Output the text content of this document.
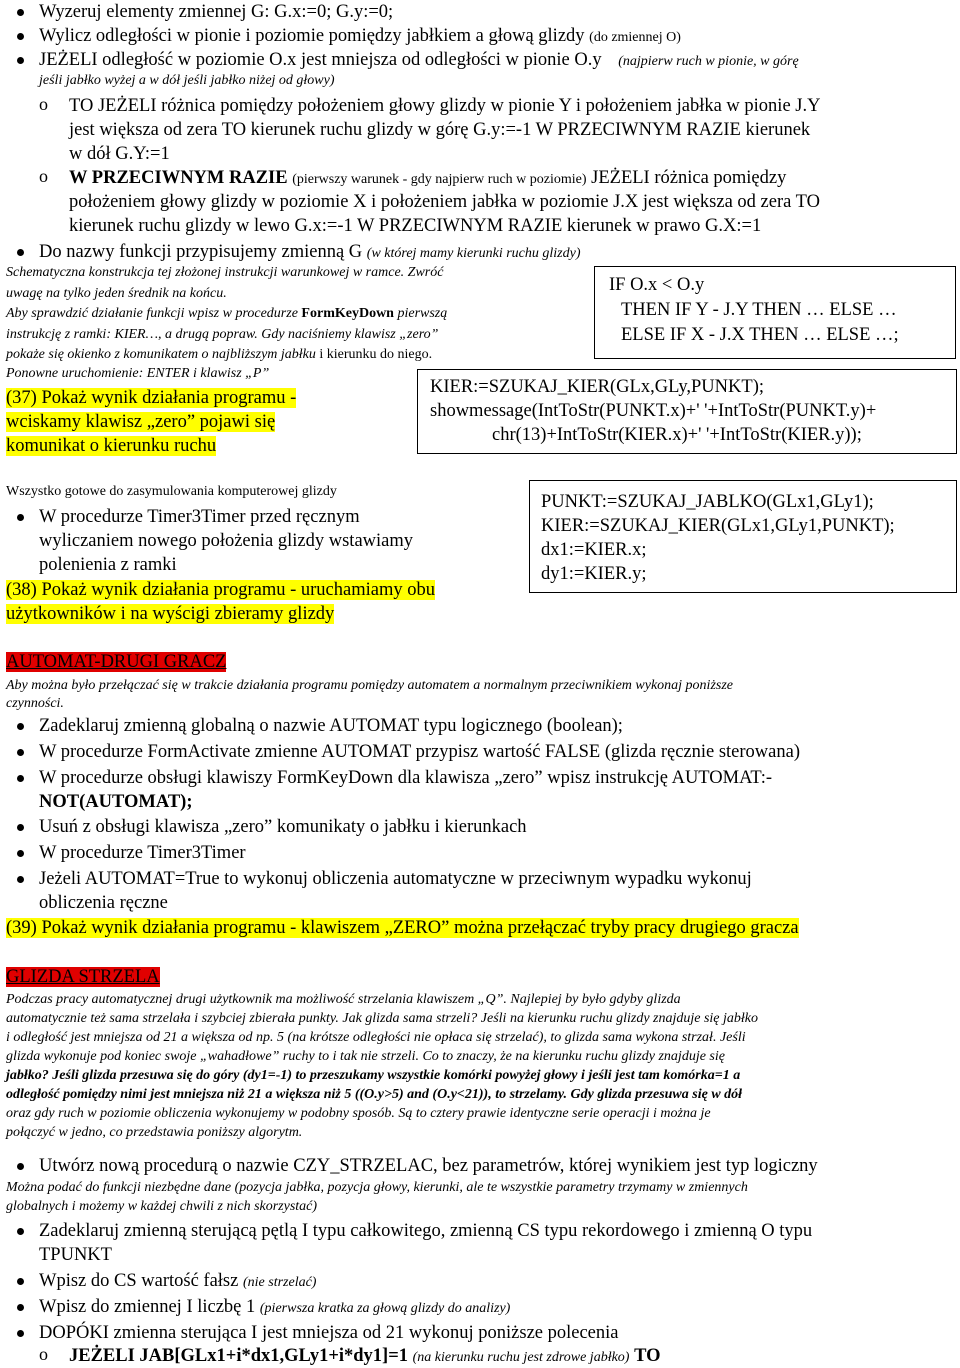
Wyzeruj elementy zmiennej G: G.x:=0; G.y:=0;
Wylicz odległości w pionie i poziomie pomiędzy jabłkiem a głową glizdy (do zmiennej O)
JEŻELI odległość w poziomie O.x jest mniejsza od odległości w pionie O.y (najpierw ruch w pionie, w górę
jeśli jabłko wyżej a w dół jeśli jabłko niżej od głowy)
o TO JEŻELI różnica pomiędzy położeniem głowy glizdy w pionie Y i położeniem jabłka w pionie J.Y
jest większa od zera TO kierunek ruchu glizdy w górę G.y:=-1 W PRZECIWNYM RAZIE kierunek
w dół G.Y:=1
o W PRZECIWNYM RAZIE (pierwszy warunek - gdy najpierw ruch w poziomie) JEŻELI różnica pomiędzy
położeniem głowy glizdy w poziomie X i położeniem jabłka w poziomie J.X jest większa od zera TO
kierunek ruchu glizdy w lewo G.x:=-1 W PRZECIWNYM RAZIE kierunek w prawo G.X:=1
Do nazwy funkcji przypisujemy zmienną G (w której mamy kierunki ruchu glizdy)
Schematyczna konstrukcja tej złożonej instrukcji warunkowej w ramce. Zwróć
uwagę na tylko jeden średnik na końcu.
Aby sprawdzić działanie funkcji wpisz w procedurze FormKeyDown pierwszą
instrukcję z ramki: KIER…, a drugą popraw. Gdy naciśniemy klawisz „zero”
pokaże się okienko z komunikatem o najbliższym jabłku i kierunku do niego.
Ponowne uruchomienie: ENTER i klawisz „P”
(37) Pokaż wynik działania programu -
wciskamy klawisz „zero” pojawi się
komunikat o kierunku ruchu
IF O.x < O.y
THEN IF Y - J.Y THEN … ELSE …
ELSE IF X - J.X THEN … ELSE …;
KIER:=SZUKAJ_KIER(GLx,GLy,PUNKT);
showmessage(IntToStr(PUNKT.x)+' '+IntToStr(PUNKT.y)+
chr(13)+IntToStr(KIER.x)+' '+IntToStr(KIER.y));
Wszystko gotowe do zasymulowania komputerowej glizdy
W procedurze Timer3Timer przed ręcznym
wyliczaniem nowego położenia glizdy wstawiamy
polenienia z ramki
(38) Pokaż wynik działania programu - uruchamiamy obu
użytkowników i na wyścigi zbieramy glizdy
PUNKT:=SZUKAJ_JABLKO(GLx1,GLy1);
KIER:=SZUKAJ_KIER(GLx1,GLy1,PUNKT);
dx1:=KIER.x;
dy1:=KIER.y;
AUTOMAT-DRUGI GRACZ
Aby można było przełączać się w trakcie działania programu pomiędzy automatem a normalnym przeciwnikiem wykonaj poniższe
czynności.
Zadeklaruj zmienną globalną o nazwie AUTOMAT typu logicznego (boolean);
W procedurze FormActivate zmienne AUTOMAT przypisz wartość FALSE (glizda ręcznie sterowana)
W procedurze obsługi klawiszy FormKeyDown dla klawisza „zero” wpisz instrukcję AUTOMAT:-
NOT(AUTOMAT);
Usuń z obsługi klawisza „zero” komunikaty o jabłku i kierunkach
W procedurze Timer3Timer
Jeżeli AUTOMAT=True to wykonuj obliczenia automatyczne w przeciwnym wypadku wykonuj
obliczenia ręczne
(39) Pokaż wynik działania programu - klawiszem „ZERO” można przełączać tryby pracy drugiego gracza
GLIZDA STRZELA
Podczas pracy automatycznej drugi użytkownik ma możliwość strzelania klawiszem „Q”. Najlepiej by było gdyby glizda
automatycznie też sama strzelała i szybciej zbierała punkty. Jak glizda sama strzeli? Jeśli na kierunku ruchu glizdy znajduje się jabłko
i odległość jest mniejsza od 21 a większa od np. 5 (na krótsze odległości nie opłaca się strzelać), to glizda sama wykona strzał. Jeśli
glizda wykonuje pod koniec swoje „wahadłowe” ruchy to i tak nie strzeli. Co to znaczy, że na kierunku ruchu glizdy znajduje się
jabłko? Jeśli glizda przesuwa się do góry (dy1=-1) to przeszukamy wszystkie komórki powyżej głowy i jeśli jest tam komórka=1 a
odległość pomiędzy nimi jest mniejsza niż 21 a większa niż 5 ((O.y>5) and (O.y<21)), to strzelamy. Gdy glizda przesuwa się w dół
oraz gdy ruch w poziomie obliczenia wykonujemy w podobny sposób. Są to cztery prawie identyczne serie operacji i można je
połączyć w jedno, co przedstawia poniższy algorytm.
Utwórz nową procedurą o nazwie CZY_STRZELAC, bez parametrów, której wynikiem jest typ logiczny
Można podać do funkcji niezbędne dane (pozycja jabłka, pozycja głowy, kierunki, ale te wszystkie parametry trzymamy w zmiennych
globalnych i możemy w każdej chwili z nich skorzystać)
Zadeklaruj zmienną sterującą pętlą I typu całkowitego, zmienną CS typu rekordowego i zmienną O typu
TPUNKT
Wpisz do CS wartość fałsz (nie strzelać)
Wpisz do zmiennej I liczbę 1 (pierwsza kratka za głową glizdy do analizy)
DOPÓKI zmienna sterująca I jest mniejsza od 21 wykonuj poniższe polecenia
o JEŻELI JAB[GLx1+i*dx1,GLy1+i*dy1]=1 (na kierunku ruchu jest zdrowe jabłko) TO
